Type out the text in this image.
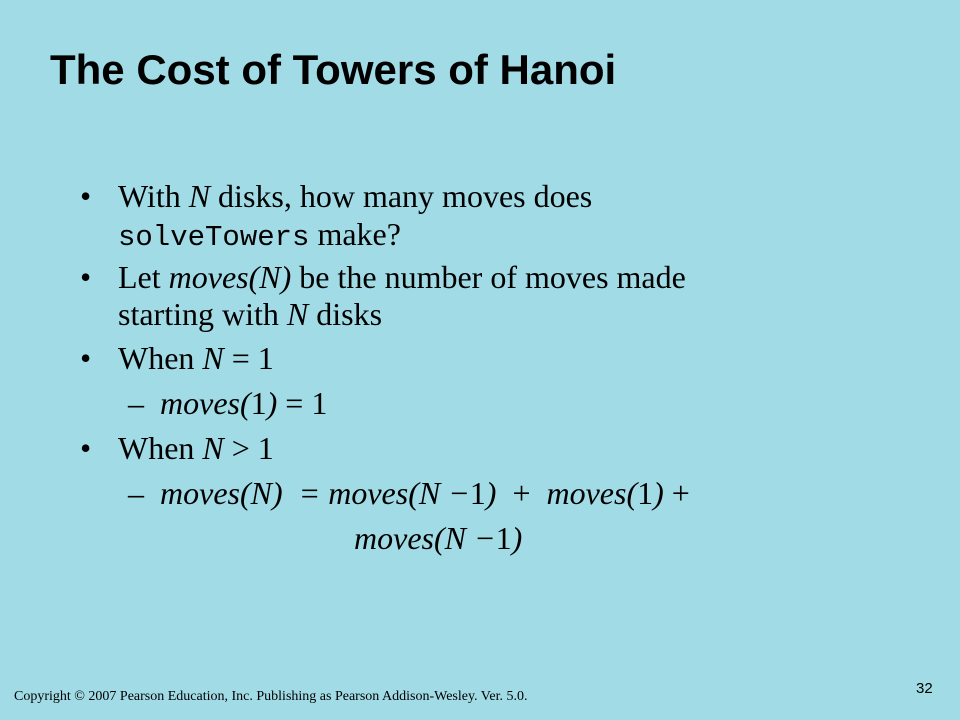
The Cost of Towers of Hanoi
• With N disks, how many moves does
solveTowers make?
• Let moves(N) be the number of moves made
starting with N disks
• When N = 1
– moves(1) = 1
• When N > 1
– moves(N)  = moves(N −1)  +  moves(1) +
moves(N −1)
Copyright © 2007 Pearson Education, Inc. Publishing as Pearson Addison-Wesley. Ver. 5.0.	32
